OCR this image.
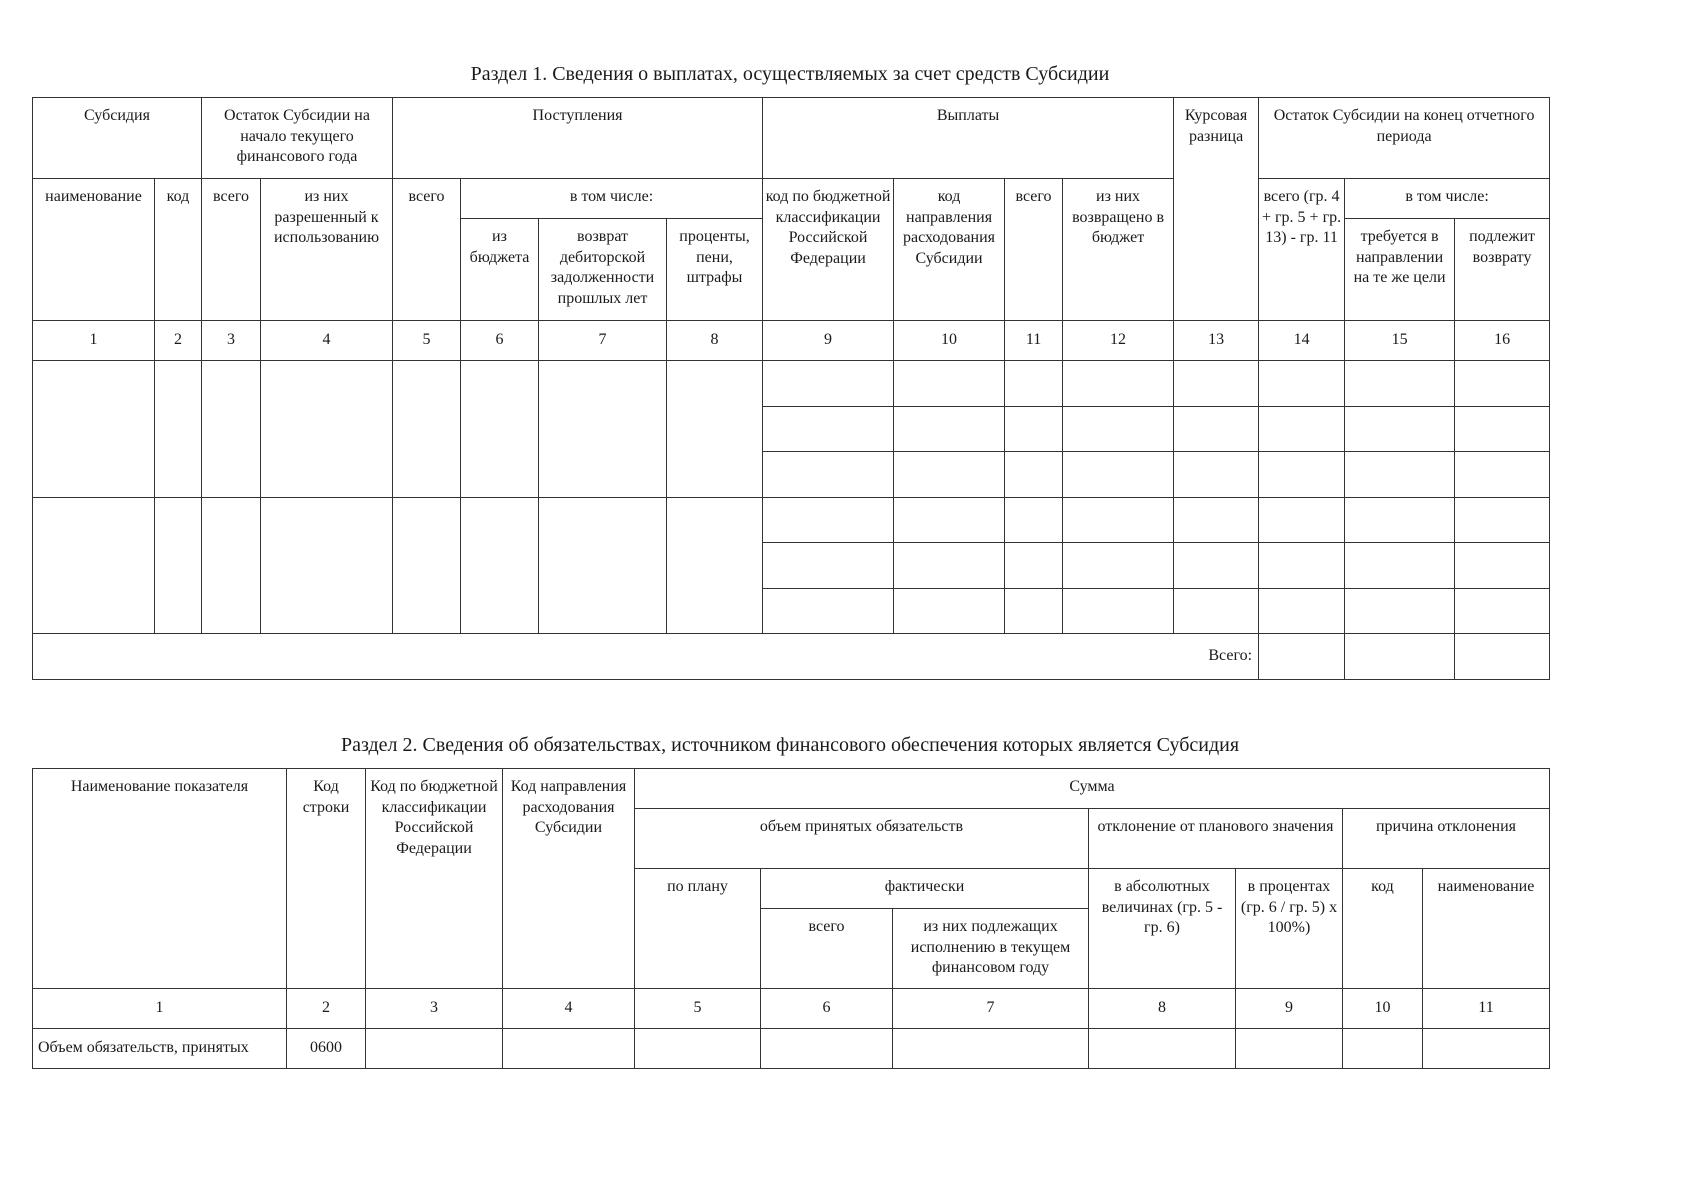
Раздел 1. Сведения о выплатах, осуществляемых за счет средств Субсидии
Субсидия		Остаток Субсидии на начало текущего финансового года		Поступления				Выплаты				Курсовая разница	Остаток Субсидии на конец отчетного периода		
наименование	код	всего	из них разрешенный к использованию	всего	в том числе:			код по бюджетной классификации Российской Федерации	код направления расходования Субсидии	всего	из них возвращено в бюджет		всего (гр. 4 + гр. 5 + гр. 13) - гр. 11	в том числе:	
					из бюджета	возврат дебиторской задолженности прошлых лет	проценты, пени, штрафы							требуется в направлении на те же цели	подлежит возврату
1	2	3	4	5	6	7	8	9	10	11	12	13	14	15	16

Всего:															
Раздел 2. Сведения об обязательствах, источником финансового обеспечения которых является Субсидия
Наименование показателя	Код строки	Код по бюджетной классификации Российской Федерации	Код направления расходования Субсидии	Сумма						
				объем принятых обязательств			отклонение от планового значения		причина отклонения	
				по плану	фактически		в абсолютных величинах (гр. 5 - гр. 6)	в процентах (гр. 6 / гр. 5) x 100%)	код	наименование
					всего	из них подлежащих исполнению в текущем финансовом году				
1	2	3	4	5	6	7	8	9	10	11
Объем обязательств, принятых	0600									
